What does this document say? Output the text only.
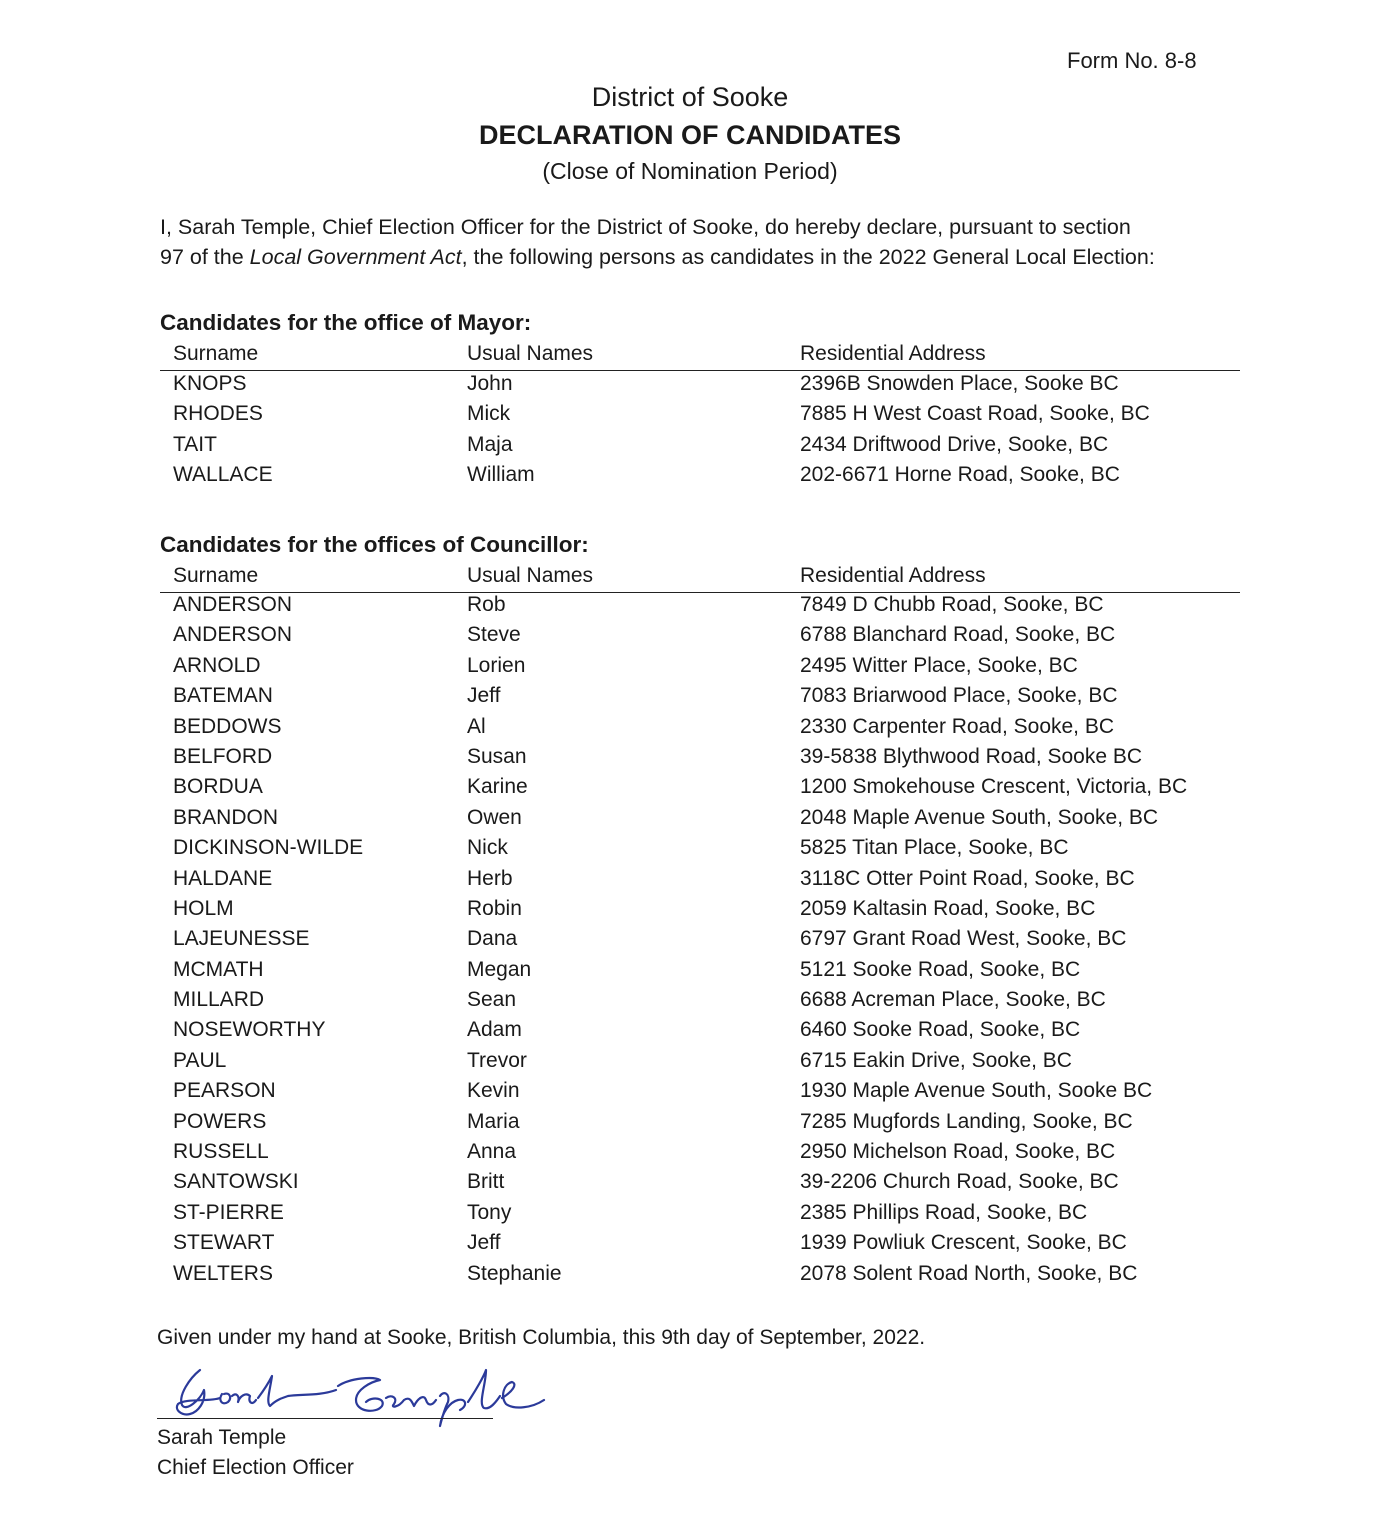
Form No. 8-8
District of Sooke
DECLARATION OF CANDIDATES
(Close of Nomination Period)
I, Sarah Temple, Chief Election Officer for the District of Sooke, do hereby declare, pursuant to section
97 of the Local Government Act, the following persons as candidates in the 2022 General Local Election:
Candidates for the office of Mayor:
Surname	Usual Names	Residential Address
KNOPS	John	2396B Snowden Place, Sooke BC
RHODES	Mick	7885 H West Coast Road, Sooke, BC
TAIT	Maja	2434 Driftwood Drive, Sooke, BC
WALLACE	William	202-6671 Horne Road, Sooke, BC
Candidates for the offices of Councillor:
Surname	Usual Names	Residential Address
ANDERSON	Rob	7849 D Chubb Road, Sooke, BC
ANDERSON	Steve	6788 Blanchard Road, Sooke, BC
ARNOLD	Lorien	2495 Witter Place, Sooke, BC
BATEMAN	Jeff	7083 Briarwood Place, Sooke, BC
BEDDOWS	Al	2330 Carpenter Road, Sooke, BC
BELFORD	Susan	39-5838 Blythwood Road, Sooke BC
BORDUA	Karine	1200 Smokehouse Crescent, Victoria, BC
BRANDON	Owen	2048 Maple Avenue South, Sooke, BC
DICKINSON-WILDE	Nick	5825 Titan Place, Sooke, BC
HALDANE	Herb	3118C Otter Point Road, Sooke, BC
HOLM	Robin	2059 Kaltasin Road, Sooke, BC
LAJEUNESSE	Dana	6797 Grant Road West, Sooke, BC
MCMATH	Megan	5121 Sooke Road, Sooke, BC
MILLARD	Sean	6688 Acreman Place, Sooke, BC
NOSEWORTHY	Adam	6460 Sooke Road, Sooke, BC
PAUL	Trevor	6715 Eakin Drive, Sooke, BC
PEARSON	Kevin	1930 Maple Avenue South, Sooke BC
POWERS	Maria	7285 Mugfords Landing, Sooke, BC
RUSSELL	Anna	2950 Michelson Road, Sooke, BC
SANTOWSKI	Britt	39-2206 Church Road, Sooke, BC
ST-PIERRE	Tony	2385 Phillips Road, Sooke, BC
STEWART	Jeff	1939 Powliuk Crescent, Sooke, BC
WELTERS	Stephanie	2078 Solent Road North, Sooke, BC
Given under my hand at Sooke, British Columbia, this 9th day of September, 2022.
Sarah Temple
Chief Election Officer
